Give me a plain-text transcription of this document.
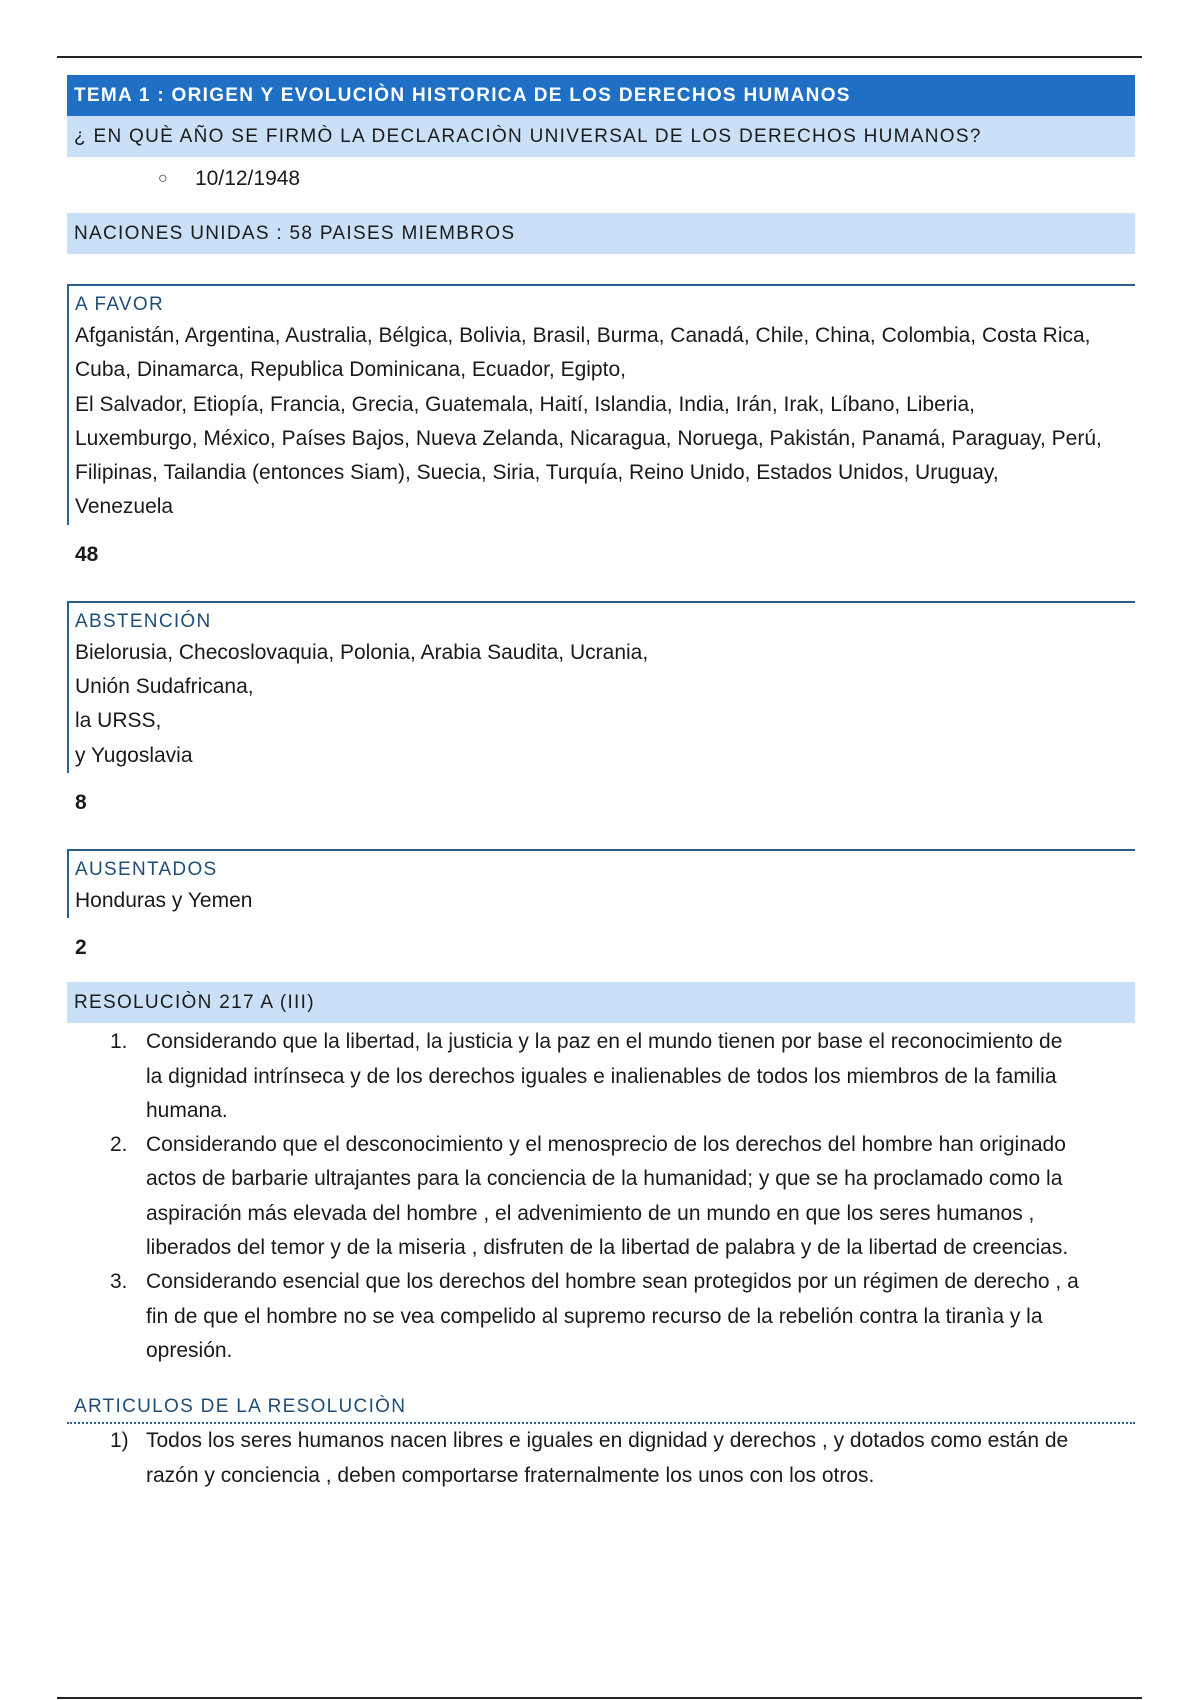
TEMA 1 : ORIGEN Y EVOLUCIÒN HISTORICA DE LOS DERECHOS HUMANOS
¿ EN QUÈ AÑO SE FIRMÒ LA DECLARACIÒN UNIVERSAL DE LOS DERECHOS HUMANOS?
○ 10/12/1948
NACIONES UNIDAS : 58 PAISES MIEMBROS
A FAVOR
Afganistán, Argentina, Australia, Bélgica, Bolivia, Brasil, Burma, Canadá, Chile, China, Colombia, Costa Rica,
Cuba, Dinamarca, Republica Dominicana, Ecuador, Egipto,
El Salvador, Etiopía, Francia, Grecia, Guatemala, Haití, Islandia, India, Irán, Irak, Líbano, Liberia,
Luxemburgo, México, Países Bajos, Nueva Zelanda, Nicaragua, Noruega, Pakistán, Panamá, Paraguay, Perú,
Filipinas, Tailandia (entonces Siam), Suecia, Siria, Turquía, Reino Unido, Estados Unidos, Uruguay,
Venezuela
48
ABSTENCIÓN
Bielorusia, Checoslovaquia, Polonia, Arabia Saudita, Ucrania,
Unión Sudafricana,
la URSS,
y Yugoslavia
8
AUSENTADOS
Honduras y Yemen
2
RESOLUCIÒN 217 A (III)
1. Considerando que la libertad, la justicia y la paz en el mundo tienen por base el reconocimiento de
la dignidad intrínseca y de los derechos iguales e inalienables de todos los miembros de la familia
humana.
2. Considerando que el desconocimiento y el menosprecio de los derechos del hombre han originado
actos de barbarie ultrajantes para la conciencia de la humanidad; y que se ha proclamado como la
aspiración más elevada del hombre , el advenimiento de un mundo en que los seres humanos ,
liberados del temor y de la miseria , disfruten de la libertad de palabra y de la libertad de creencias.
3. Considerando esencial que los derechos del hombre sean protegidos por un régimen de derecho , a
fin de que el hombre no se vea compelido al supremo recurso de la rebelión contra la tiranìa y la
opresión.
ARTICULOS DE LA RESOLUCIÒN
1) Todos los seres humanos nacen libres e iguales en dignidad y derechos , y dotados como están de
razón y conciencia , deben comportarse fraternalmente los unos con los otros.
